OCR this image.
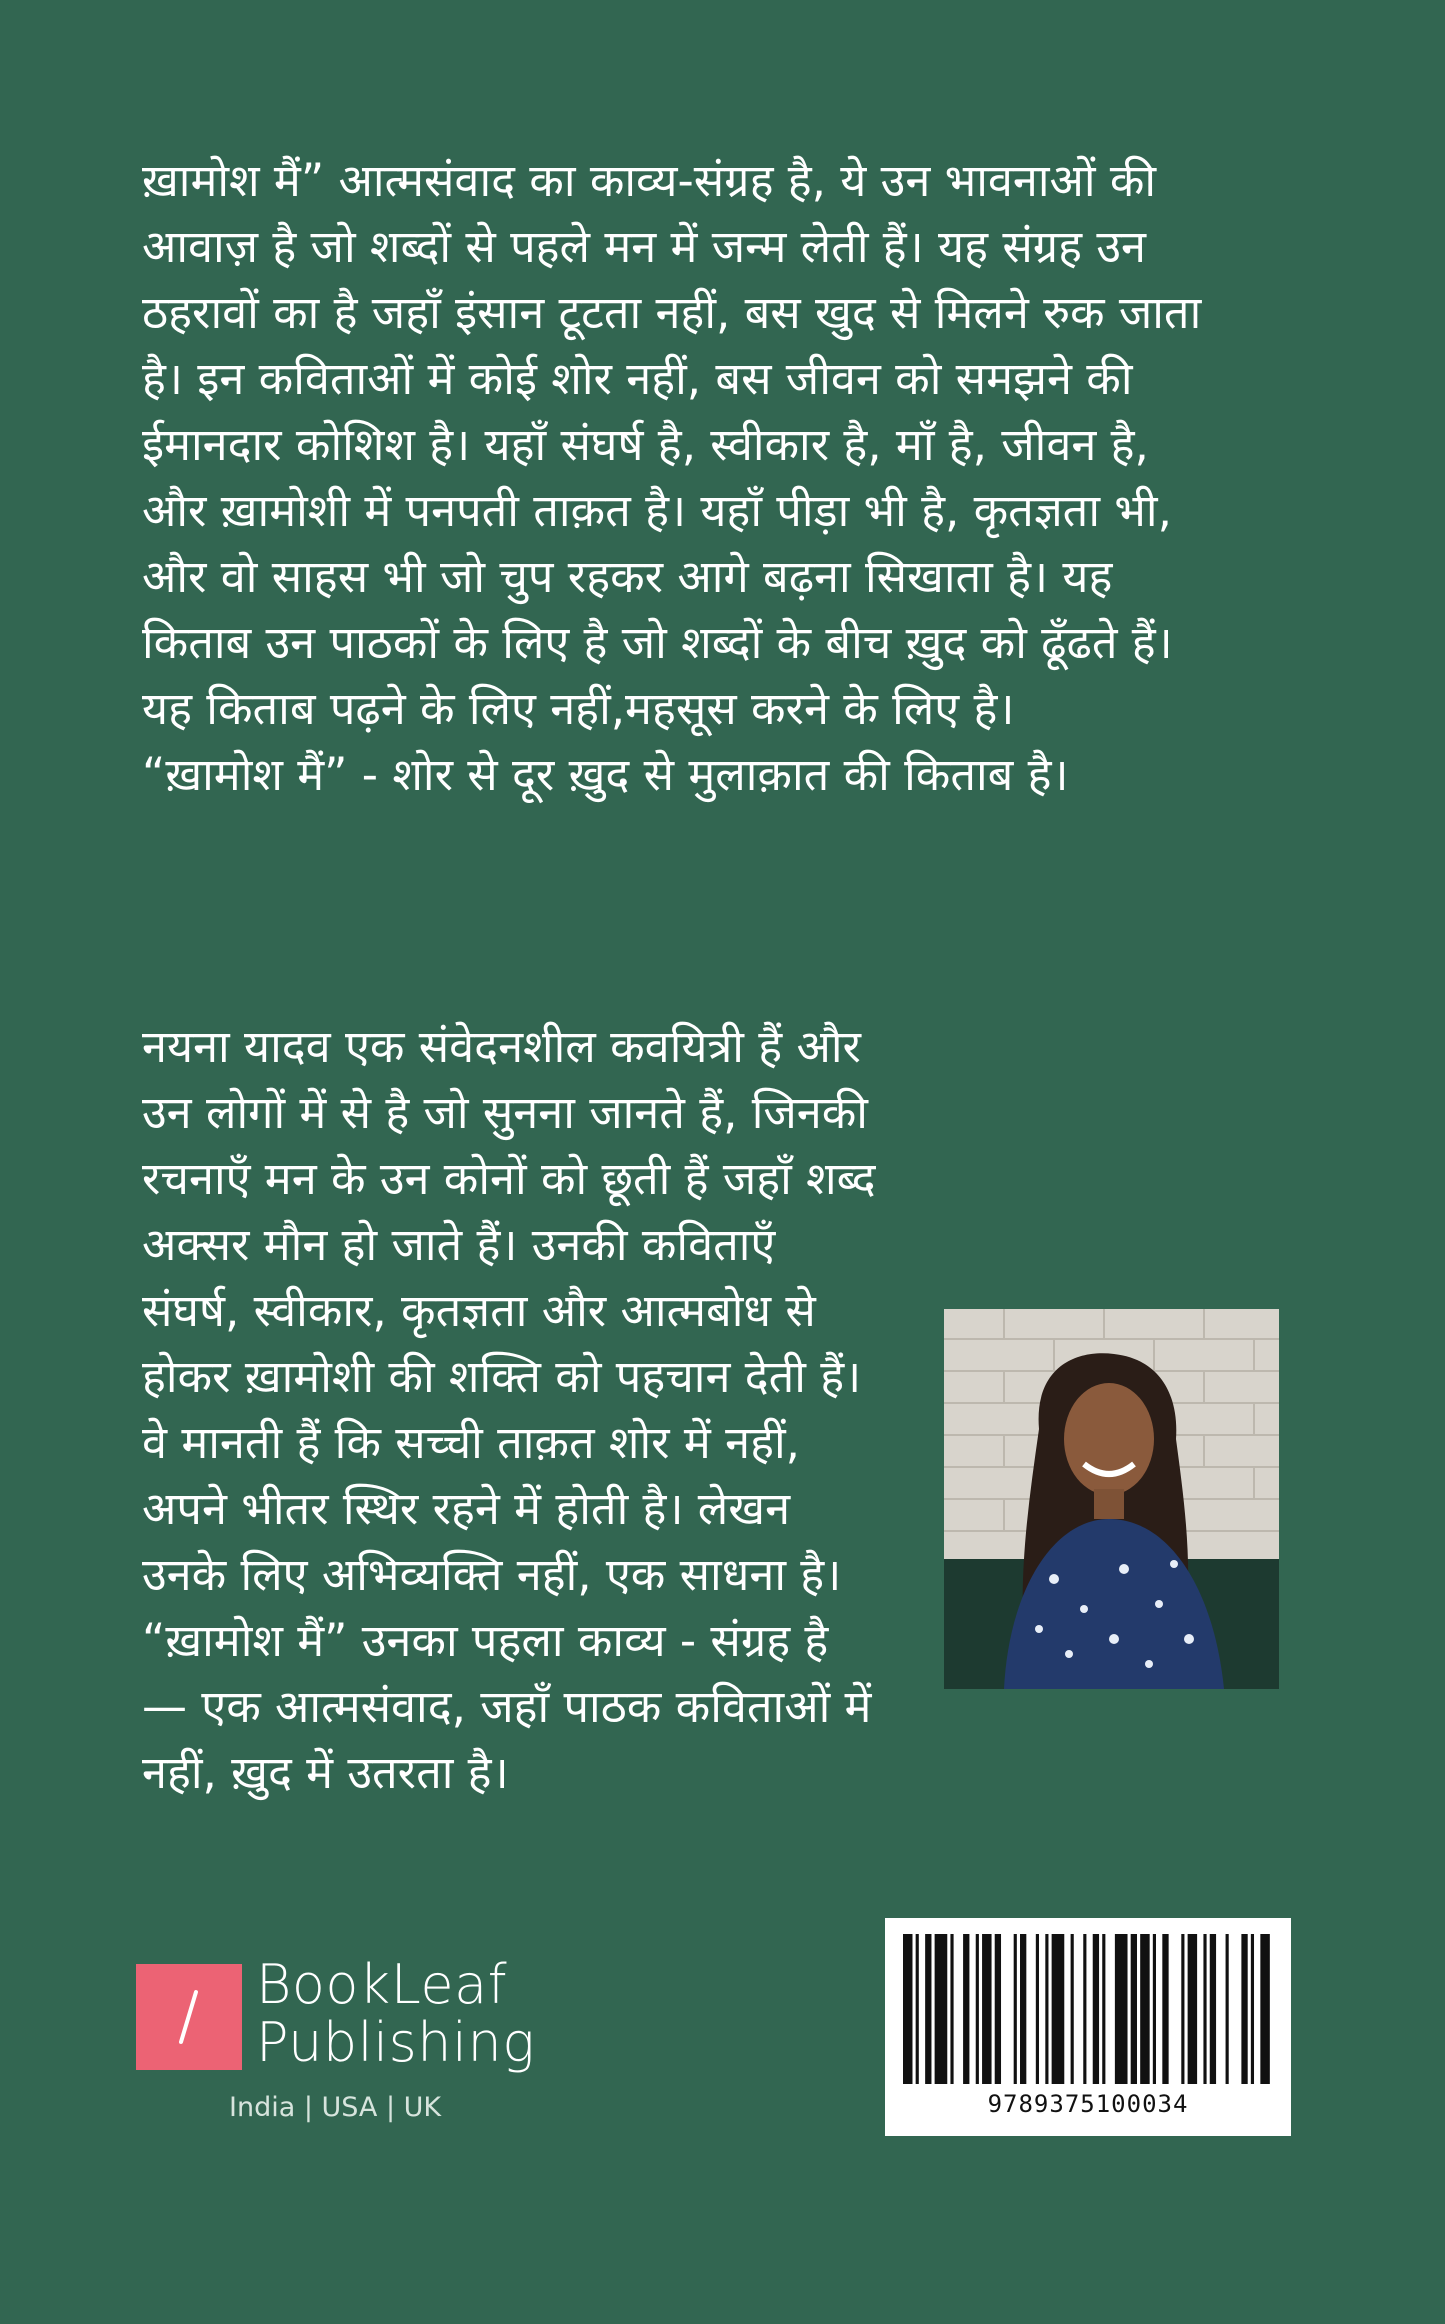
ख़ामोश मैं” आत्मसंवाद का काव्य-संग्रह है, ये उन भावनाओं की आवाज़ है जो शब्दों से पहले मन में जन्म लेती हैं। यह संग्रह उन ठहरावों का है जहाँ इंसान टूटता नहीं, बस खुद से मिलने रुक जाता है। इन कविताओं में कोई शोर नहीं, बस जीवन को समझने की ईमानदार कोशिश है। यहाँ संघर्ष है, स्वीकार है, माँ है, जीवन है, और ख़ामोशी में पनपती ताक़त है। यहाँ पीड़ा भी है, कृतज्ञता भी, और वो साहस भी जो चुप रहकर आगे बढ़ना सिखाता है। यह किताब उन पाठकों के लिए है जो शब्दों के बीच ख़ुद को ढूँढते हैं। यह किताब पढ़ने के लिए नहीं,महसूस करने के लिए है।

“ख़ामोश मैं” - शोर से दूर ख़ुद से मुलाक़ात की किताब है।

नयना यादव एक संवेदनशील कवयित्री हैं और उन लोगों में से है जो सुनना जानते हैं, जिनकी रचनाएँ मन के उन कोनों को छूती हैं जहाँ शब्द अक्सर मौन हो जाते हैं। उनकी कविताएँ संघर्ष, स्वीकार, कृतज्ञता और आत्मबोध से होकर ख़ामोशी की शक्ति को पहचान देती हैं। वे मानती हैं कि सच्ची ताक़त शोर में नहीं, अपने भीतर स्थिर रहने में होती है। लेखन उनके लिए अभिव्यक्ति नहीं, एक साधना है। “ख़ामोश मैं” उनका पहला काव्य - संग्रह है — एक आत्मसंवाद, जहाँ पाठक कविताओं में नहीं, ख़ुद में उतरता है।

BookLeaf
Publishing
India | USA | UK	9789375100034
